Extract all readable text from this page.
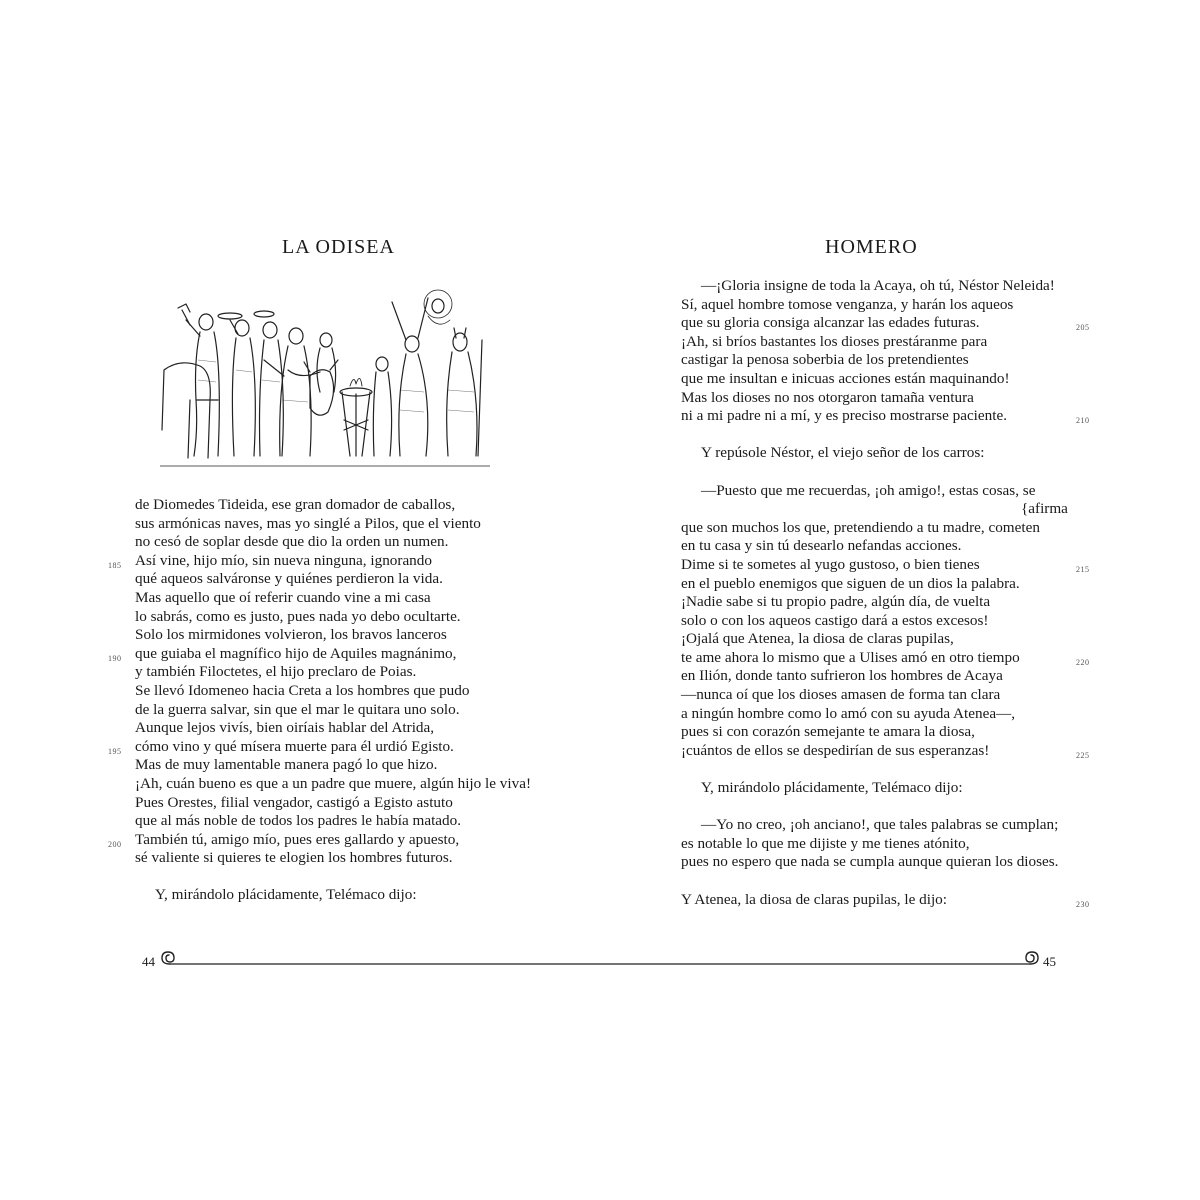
LA ODISEA
de Diomedes Tideida, ese gran domador de caballos,
sus armónicas naves, mas yo singlé a Pilos, que el viento
no cesó de soplar desde que dio la orden un numen.
Así vine, hijo mío, sin nueva ninguna, ignorando
185
qué aqueos salváronse y quiénes perdieron la vida.
Mas aquello que oí referir cuando vine a mi casa
lo sabrás, como es justo, pues nada yo debo ocultarte.
Solo los mirmidones volvieron, los bravos lanceros
que guiaba el magnífico hijo de Aquiles magnánimo,
190
y también Filoctetes, el hijo preclaro de Poias.
Se llevó Idomeneo hacia Creta a los hombres que pudo
de la guerra salvar, sin que el mar le quitara uno solo.
Aunque lejos vivís, bien oiríais hablar del Atrida,
cómo vino y qué mísera muerte para él urdió Egisto.
195
Mas de muy lamentable manera pagó lo que hizo.
¡Ah, cuán bueno es que a un padre que muere, algún hijo le viva!
Pues Orestes, filial vengador, castigó a Egisto astuto
que al más noble de todos los padres le había matado.
También tú, amigo mío, pues eres gallardo y apuesto,
200
sé valiente si quieres te elogien los hombres futuros.
Y, mirándolo plácidamente, Telémaco dijo:
44
HOMERO
—¡Gloria insigne de toda la Acaya, oh tú, Néstor Neleida!
Sí, aquel hombre tomose venganza, y harán los aqueos
que su gloria consiga alcanzar las edades futuras.	205
¡Ah, si bríos bastantes los dioses prestáranme para
castigar la penosa soberbia de los pretendientes
que me insultan e inicuas acciones están maquinando!
Mas los dioses no nos otorgaron tamaña ventura
ni a mi padre ni a mí, y es preciso mostrarse paciente.	210
Y repúsole Néstor, el viejo señor de los carros:
—Puesto que me recuerdas, ¡oh amigo!, estas cosas, se
{afirma
que son muchos los que, pretendiendo a tu madre, cometen
en tu casa y sin tú desearlo nefandas acciones.
Dime si te sometes al yugo gustoso, o bien tienes	215
en el pueblo enemigos que siguen de un dios la palabra.
¡Nadie sabe si tu propio padre, algún día, de vuelta
solo o con los aqueos castigo dará a estos excesos!
¡Ojalá que Atenea, la diosa de claras pupilas,
te ame ahora lo mismo que a Ulises amó en otro tiempo	220
en Ilión, donde tanto sufrieron los hombres de Acaya
—nunca oí que los dioses amasen de forma tan clara
a ningún hombre como lo amó con su ayuda Atenea—,
pues si con corazón semejante te amara la diosa,
¡cuántos de ellos se despedirían de sus esperanzas!	225
Y, mirándolo plácidamente, Telémaco dijo:
—Yo no creo, ¡oh anciano!, que tales palabras se cumplan;
es notable lo que me dijiste y me tienes atónito,
pues no espero que nada se cumpla aunque quieran los dioses.
Y Atenea, la diosa de claras pupilas, le dijo:	230
45
